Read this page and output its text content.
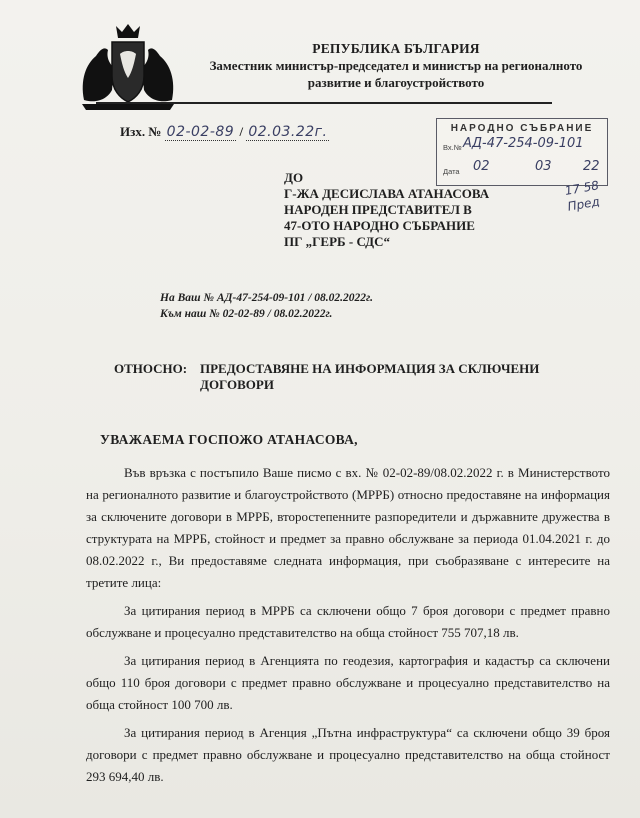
РЕПУБЛИКА БЪЛГАРИЯ
Заместник министър-председател и министър на регионалното
развитие и благоустройството
Изх. № 02-02-89 / 02.03.22г.	НАРОДНО СЪБРАНИЕ
Вх.№ АД-47-254-09-101
Дата 02	03 22
ДО
Г-ЖА ДЕСИСЛАВА АТАНАСОВА
НАРОДЕН ПРЕДСТАВИТЕЛ В
47-ОТО НАРОДНО СЪБРАНИЕ
ПГ „ГЕРБ - СДС“
17 58
Пред
На Ваш № АД-47-254-09-101 / 08.02.2022г.
Към наш № 02-02-89 / 08.02.2022г.
ОТНОСНО: ПРЕДОСТАВЯНЕ НА ИНФОРМАЦИЯ ЗА СКЛЮЧЕНИ ДОГОВОРИ
УВАЖАЕМА ГОСПОЖО АТАНАСОВА,

Във връзка с постъпило Ваше писмо с вх. № 02-02-89/08.02.2022 г. в Министерството на регионалното развитие и благоустройството (МРРБ) относно предоставяне на информация за сключените договори в МРРБ, второстепенните разпоредители и държавните дружества в структурата на МРРБ, стойност и предмет за правно обслужване за периода 01.04.2021 г. до 08.02.2022 г., Ви предоставяме следната информация, при съобразяване с интересите на третите лица:

За цитирания период в МРРБ са сключени общо 7 броя договори с предмет правно обслужване и процесуално представителство на обща стойност 755 707,18 лв.

За цитирания период в Агенцията по геодезия, картография и кадастър са сключени общо 110 броя договори с предмет правно обслужване и процесуално представителство на обща стойност 100 700 лв.

За цитирания период в Агенция „Пътна инфраструктура“ са сключени общо 39 броя договори с предмет правно обслужване и процесуално представителство на обща стойност 293 694,40 лв.
